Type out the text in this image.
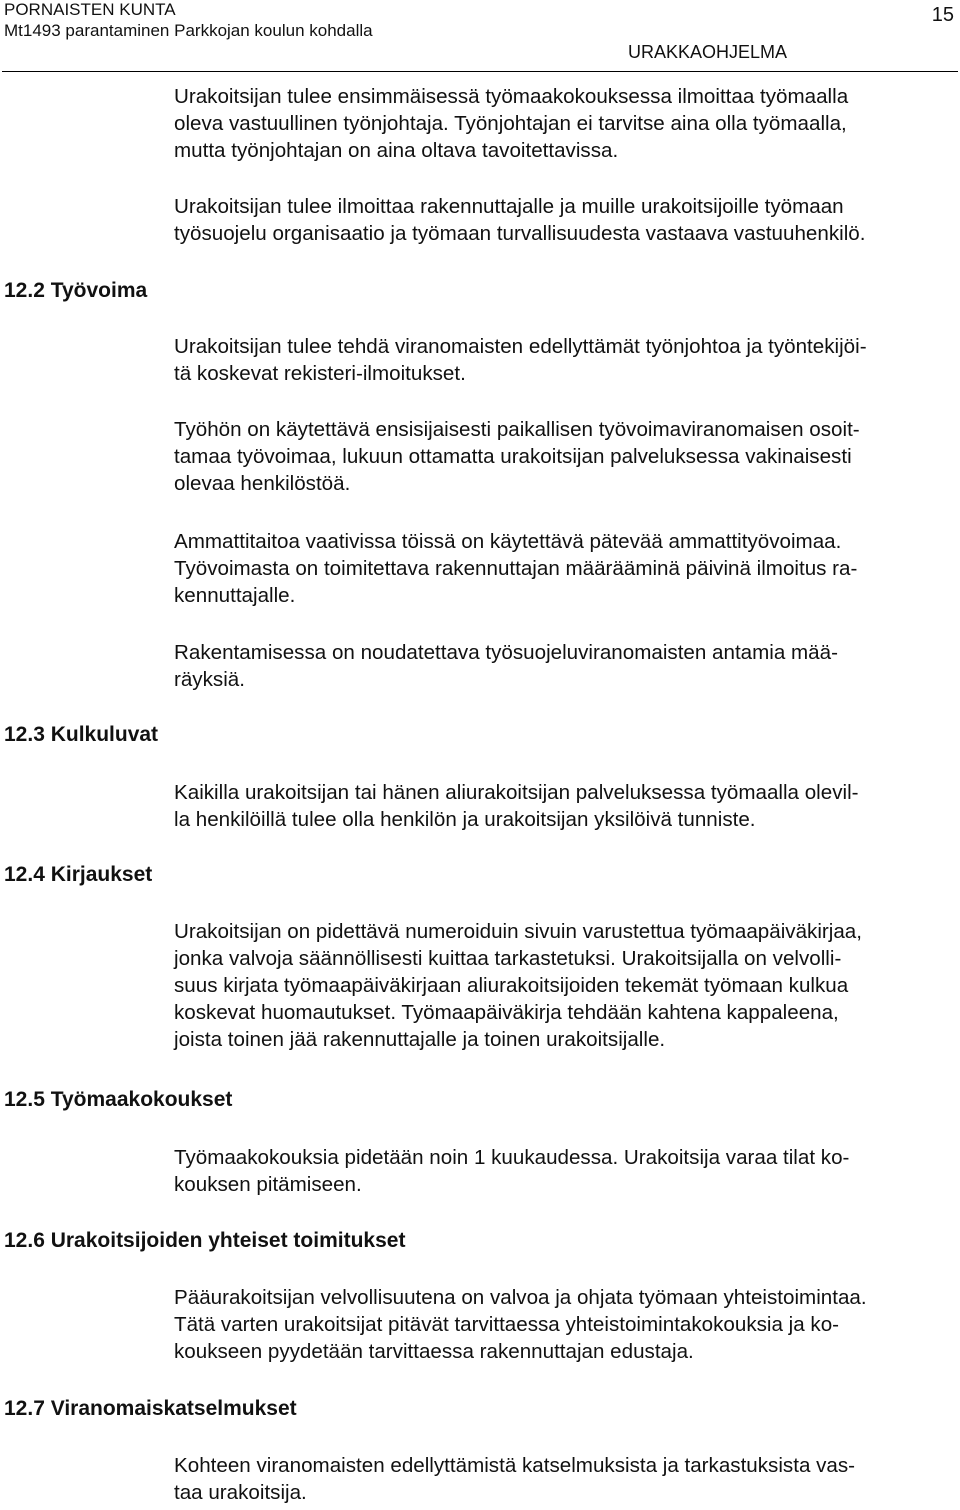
PORNAISTEN KUNTA
Mt1493 parantaminen Parkkojan koulun kohdalla
URAKKAOHJELMA
15
12.2 Työvoima
12.3 Kulkuluvat
12.4 Kirjaukset
12.5 Työmaakokoukset
12.6 Urakoitsijoiden yhteiset toimitukset
12.7 Viranomaiskatselmukset
Urakoitsijan tulee ensimmäisessä työmaakokouksessa ilmoittaa työmaalla
oleva vastuullinen työnjohtaja. Työnjohtajan ei tarvitse aina olla työmaalla,
mutta työnjohtajan on aina oltava tavoitettavissa.
Urakoitsijan tulee ilmoittaa rakennuttajalle ja muille urakoitsijoille työmaan
työsuojelu organisaatio ja työmaan turvallisuudesta vastaava vastuuhenkilö.
Urakoitsijan tulee tehdä viranomaisten edellyttämät työnjohtoa ja työntekijöi-
tä koskevat rekisteri-ilmoitukset.
Työhön on käytettävä ensisijaisesti paikallisen työvoimaviranomaisen osoit-
tamaa työvoimaa, lukuun ottamatta urakoitsijan palveluksessa vakinaisesti
olevaa henkilöstöä.
Ammattitaitoa vaativissa töissä on käytettävä pätevää ammattityövoimaa.
Työvoimasta on toimitettava rakennuttajan määrääminä päivinä ilmoitus ra-
kennuttajalle.
Rakentamisessa on noudatettava työsuojeluviranomaisten antamia mää-
räyksiä.
Kaikilla urakoitsijan tai hänen aliurakoitsijan palveluksessa työmaalla olevil-
la henkilöillä tulee olla henkilön ja urakoitsijan yksilöivä tunniste.
Urakoitsijan on pidettävä numeroiduin sivuin varustettua työmaapäiväkirjaa,
jonka valvoja säännöllisesti kuittaa tarkastetuksi. Urakoitsijalla on velvolli-
suus kirjata työmaapäiväkirjaan aliurakoitsijoiden tekemät työmaan kulkua
koskevat huomautukset. Työmaapäiväkirja tehdään kahtena kappaleena,
joista toinen jää rakennuttajalle ja toinen urakoitsijalle.
Työmaakokouksia pidetään noin 1 kuukaudessa. Urakoitsija varaa tilat ko-
kouksen pitämiseen.
Pääurakoitsijan velvollisuutena on valvoa ja ohjata työmaan yhteistoimintaa.
Tätä varten urakoitsijat pitävät tarvittaessa yhteistoimintakokouksia ja ko-
koukseen pyydetään tarvittaessa rakennuttajan edustaja.
Kohteen viranomaisten edellyttämistä katselmuksista ja tarkastuksista vas-
taa urakoitsija.
